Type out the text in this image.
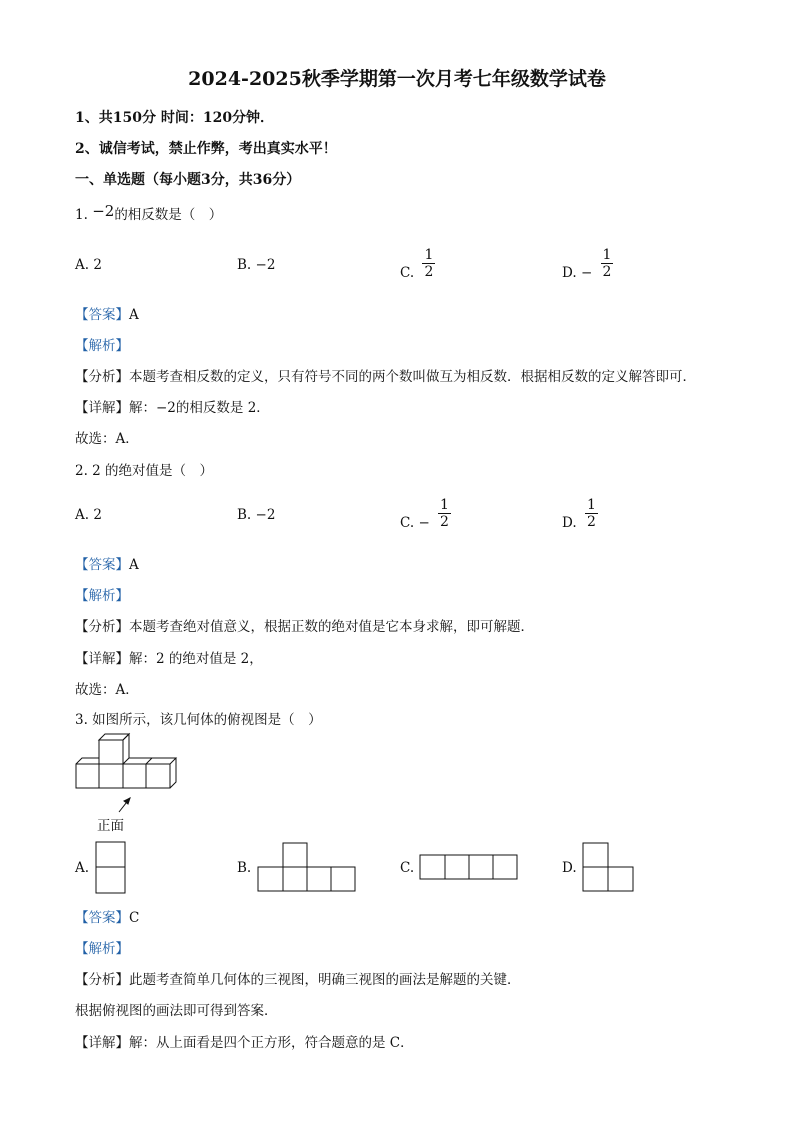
2024-2025秋季学期第一次月考七年级数学试卷
1、共150分 时间：120分钟．
2、诚信考试，禁止作弊，考出真实水平！
一、单选题（每小题3分，共36分）
1. −2的相反数是（　）
A. 2	B. −2	C. $\frac{1}{2}$	D. − $\frac{1}{2}$
【答案】A
【解析】
【分析】本题考查相反数的定义，只有符号不同的两个数叫做互为相反数．根据相反数的定义解答即可．
【详解】解：−2的相反数是 2．
故选：A．
2. 2 的绝对值是（　）
A. 2	B. −2	C. − $\frac{1}{2}$	D. $\frac{1}{2}$
【答案】A
【解析】
【分析】本题考查绝对值意义，根据正数的绝对值是它本身求解，即可解题．
【详解】解：2 的绝对值是 2，
故选：A．
3. 如图所示，该几何体的俯视图是（　）
正面
A.	B.	C.	D.
【答案】C
【解析】
【分析】此题考查简单几何体的三视图，明确三视图的画法是解题的关键．
根据俯视图的画法即可得到答案．
【详解】解：从上面看是四个正方形，符合题意的是 C．
